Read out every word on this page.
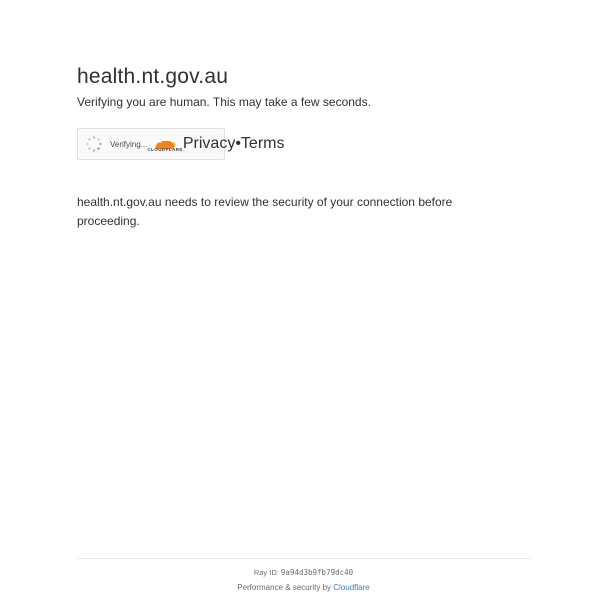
health.nt.gov.au

Verifying you are human. This may take a few seconds.

Verifying...
CLOUDFLARE Privacy • Terms

health.nt.gov.au needs to review the security of your connection before proceeding.

Ray ID: 9a94d3b9fb79dc40
Performance & security by Cloudflare
